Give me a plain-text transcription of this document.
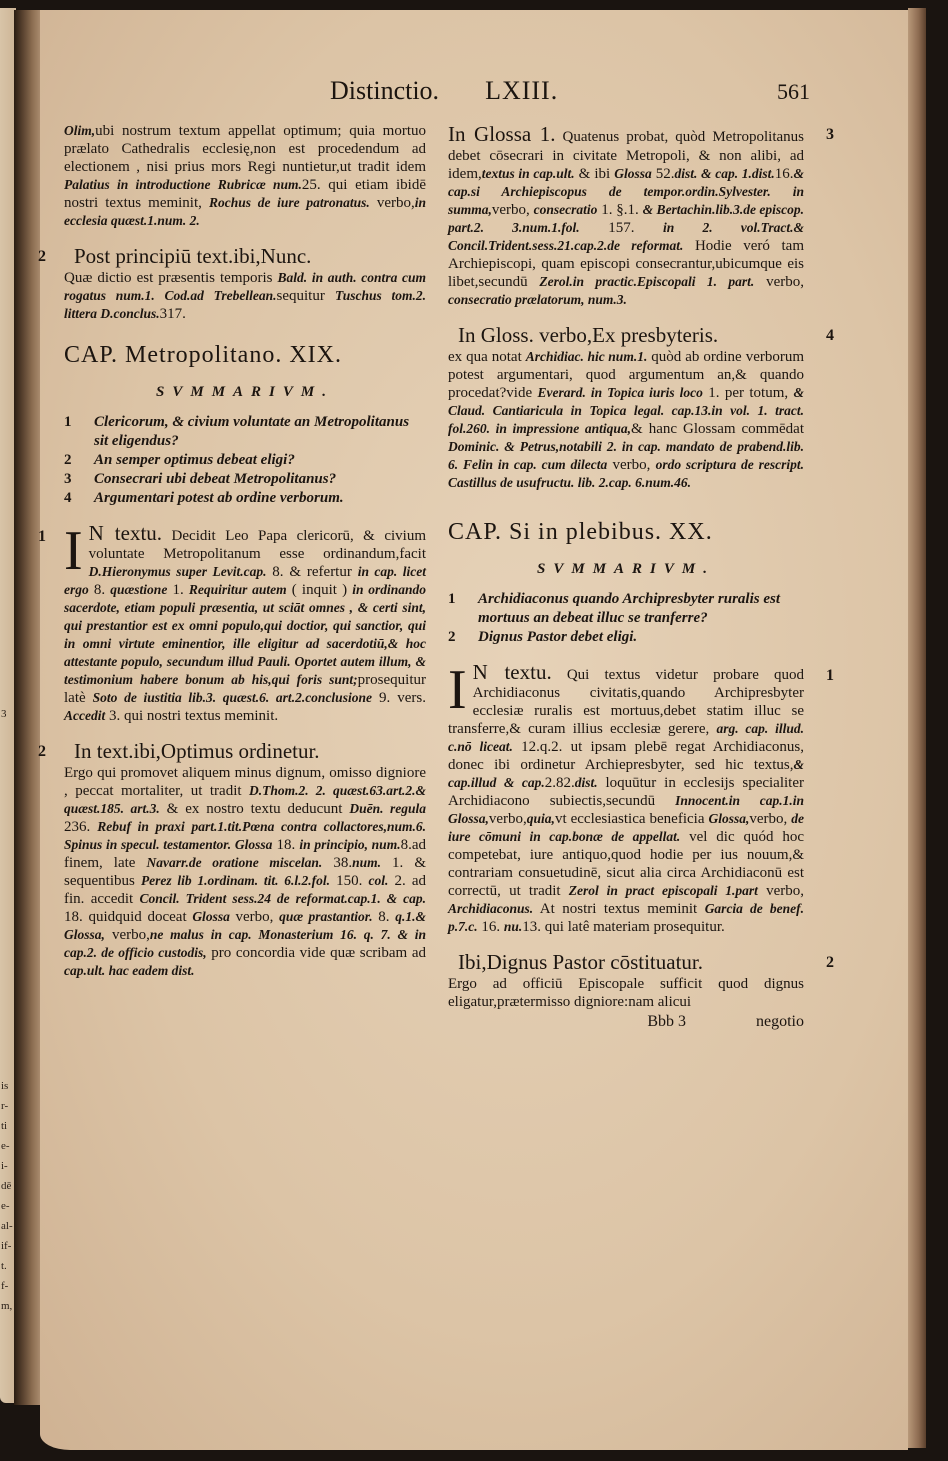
3
is
r-
ti
e-
i-
dē
e-
al-
if-
t.
f-
m,
Distinctio. LXIII.	561
Olim,ubi nostrum textum appellat optimum; quia mortuo prælato Cathedralis ecclesię,non est procedendum ad electionem , nisi prius mors Regi nuntietur,ut tradit idem Palatius in introductione Rubricæ num.25. qui etiam ibidē nostri textus meminit, Rochus de iure patronatus. verbo,in ecclesia quæst.1.num. 2.
2	Post principiū text.ibi,Nunc.
Quæ dictio est præsentis temporis Bald. in auth. contra cum rogatus num.1. Cod.ad Trebellean.sequitur Tuschus tom.2. littera D.conclus.317.
CAP. Metropolitano. XIX.
SVMMARIVM.
1	Clericorum, & civium voluntate an Metropolitanus sit eligendus?
2	An semper optimus debeat eligi?
3	Consecrari ubi debeat Metropolitanus?
4	Argumentari potest ab ordine verborum.
1 I N textu. Decidit Leo Papa clericorū, & civium voluntate Metropolitanum esse ordinandum,facit D.Hieronymus super Levit.cap. 8. & refertur in cap. licet ergo 8. quæstione 1. Requiritur autem ( inquit ) in ordinando sacerdote, etiam populi præsentia, ut sciāt omnes , & certi sint, qui prestantior est ex omni populo,qui doctior, qui sanctior, qui in omni virtute eminentior, ille eligitur ad sacerdotiū,& hoc attestante populo, secundum illud Pauli. Oportet autem illum, & testimonium habere bonum ab his,qui foris sunt;prosequitur latè Soto de iustitia lib.3. quæst.6. art.2.conclusione 9. vers. Accedit 3. qui nostri textus meminit.
2	In text.ibi,Optimus ordinetur.
Ergo qui promovet aliquem minus dignum, omisso digniore , peccat mortaliter, ut tradit D.Thom.2. 2. quæst.63.art.2.& quæst.185. art.3. & ex nostro textu deducunt Duēn. regula 236. Rebuf in praxi part.1.tit.Pœna contra collactores,num.6. Spinus in specul. testamentor. Glossa 18. in principio, num.8.ad finem, late Navarr.de oratione miscelan. 38.num. 1. & sequentibus Perez lib 1.ordinam. tit. 6.l.2.fol. 150. col. 2. ad fin. accedit Concil. Trident sess.24 de reformat.cap.1. & cap. 18. quidquid doceat Glossa verbo, quæ prastantior. 8. q.1.& Glossa, verbo,ne malus in cap. Monasterium 16. q. 7. & in cap.2. de officio custodis, pro concordia vide quæ scribam ad cap.ult. hac eadem dist.
3
In Glossa 1. Quatenus probat, quòd Metropolitanus debet cōsecrari in civitate Metropoli, & non alibi, ad idem,textus in cap.ult. & ibi Glossa 52.dist. & cap. 1.dist.16.& cap.si Archiepiscopus de tempor.ordin.Sylvester. in summa,verbo, consecratio 1. §.1. & Bertachin.lib.3.de episcop. part.2. 3.num.1.fol. 157. in 2. vol.Tract.& Concil.Trident.sess.21.cap.2.de reformat. Hodie veró tam Archiepiscopi, quam episcopi consecrantur,ubicumque eis libet,secundū Zerol.in practic.Episcopali 1. part. verbo, consecratio prælatorum, num.3.
4
In Gloss. verbo,Ex presbyteris.
ex qua notat Archidiac. hic num.1. quòd ab ordine verborum potest argumentari, quod argumentum an,& quando procedat?vide Everard. in Topica iuris loco 1. per totum, & Claud. Cantiaricula in Topica legal. cap.13.in vol. 1. tract. fol.260. in impressione antiqua,& hanc Glossam commēdat Dominic. & Petrus,notabili 2. in cap. mandato de prabend.lib. 6. Felin in cap. cum dilecta verbo, ordo scriptura de rescript. Castillus de usufructu. lib. 2.cap. 6.num.46.
CAP. Si in plebibus. XX.
SVMMARIVM.
1	Archidiaconus quando Archipresbyter ruralis est mortuus an debeat illuc se tranferre?
2	Dignus Pastor debet eligi.
1
I N textu. Qui textus videtur probare quod Archidiaconus civitatis,quando Archipresbyter ecclesiæ ruralis est mortuus,debet statim illuc se transferre,& curam illius ecclesiæ gerere, arg. cap. illud. c.nō liceat. 12.q.2. ut ipsam plebē regat Archidiaconus, donec ibi ordinetur Archiepresbyter, sed hic textus,& cap.illud & cap.2.82.dist. loquūtur in ecclesijs specialiter Archidiacono subiectis,secundū Innocent.in cap.1.in Glossa,verbo,quia,vt ecclesiastica beneficia Glossa,verbo, de iure cōmuni in cap.bonæ de appellat. vel dic quód hoc competebat, iure antiquo,quod hodie per ius nouum,& contrariam consuetudinē, sicut alia circa Archidiaconū est correctū, ut tradit Zerol in pract episcopali 1.part verbo, Archidiaconus. At nostri textus meminit Garcia de benef. p.7.c. 16. nu.13. qui latê materiam prosequitur.
2
Ibi,Dignus Pastor cōstituatur.
Ergo ad officiū Episcopale sufficit quod dignus eligatur,prætermisso digniore:nam alicui
Bbb 3	negotio
